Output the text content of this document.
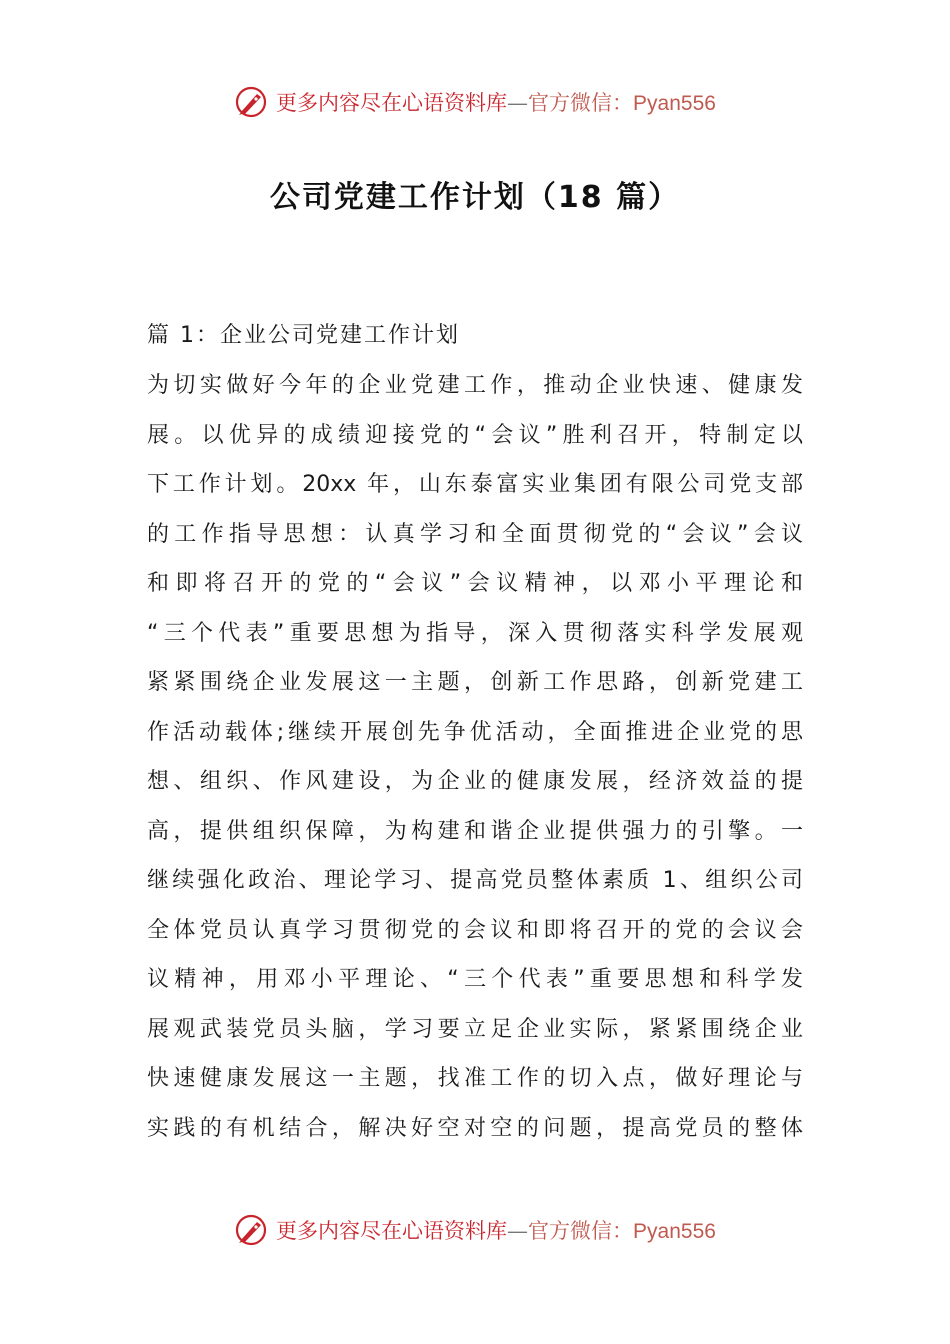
更多内容尽在心语资料库—官方微信：Pyan556
公司党建工作计划（18 篇）
篇 1：企业公司党建工作计划
为切实做好今年的企业党建工作，推动企业快速、健康发
展。以优异的成绩迎接党的“会议”胜利召开，特制定以
下工作计划。20xx 年，山东泰富实业集团有限公司党支部
的工作指导思想：认真学习和全面贯彻党的“会议”会议
和即将召开的党的“会议”会议精神，以邓小平理论和
“三个代表”重要思想为指导，深入贯彻落实科学发展观
紧紧围绕企业发展这一主题，创新工作思路，创新党建工
作活动载体;继续开展创先争优活动，全面推进企业党的思
想、组织、作风建设，为企业的健康发展，经济效益的提
高，提供组织保障，为构建和谐企业提供强力的引擎。一
继续强化政治、理论学习、提高党员整体素质 1、组织公司
全体党员认真学习贯彻党的会议和即将召开的党的会议会
议精神，用邓小平理论、“三个代表”重要思想和科学发
展观武装党员头脑，学习要立足企业实际，紧紧围绕企业
快速健康发展这一主题，找准工作的切入点，做好理论与
实践的有机结合，解决好空对空的问题，提高党员的整体
更多内容尽在心语资料库—官方微信：Pyan556
